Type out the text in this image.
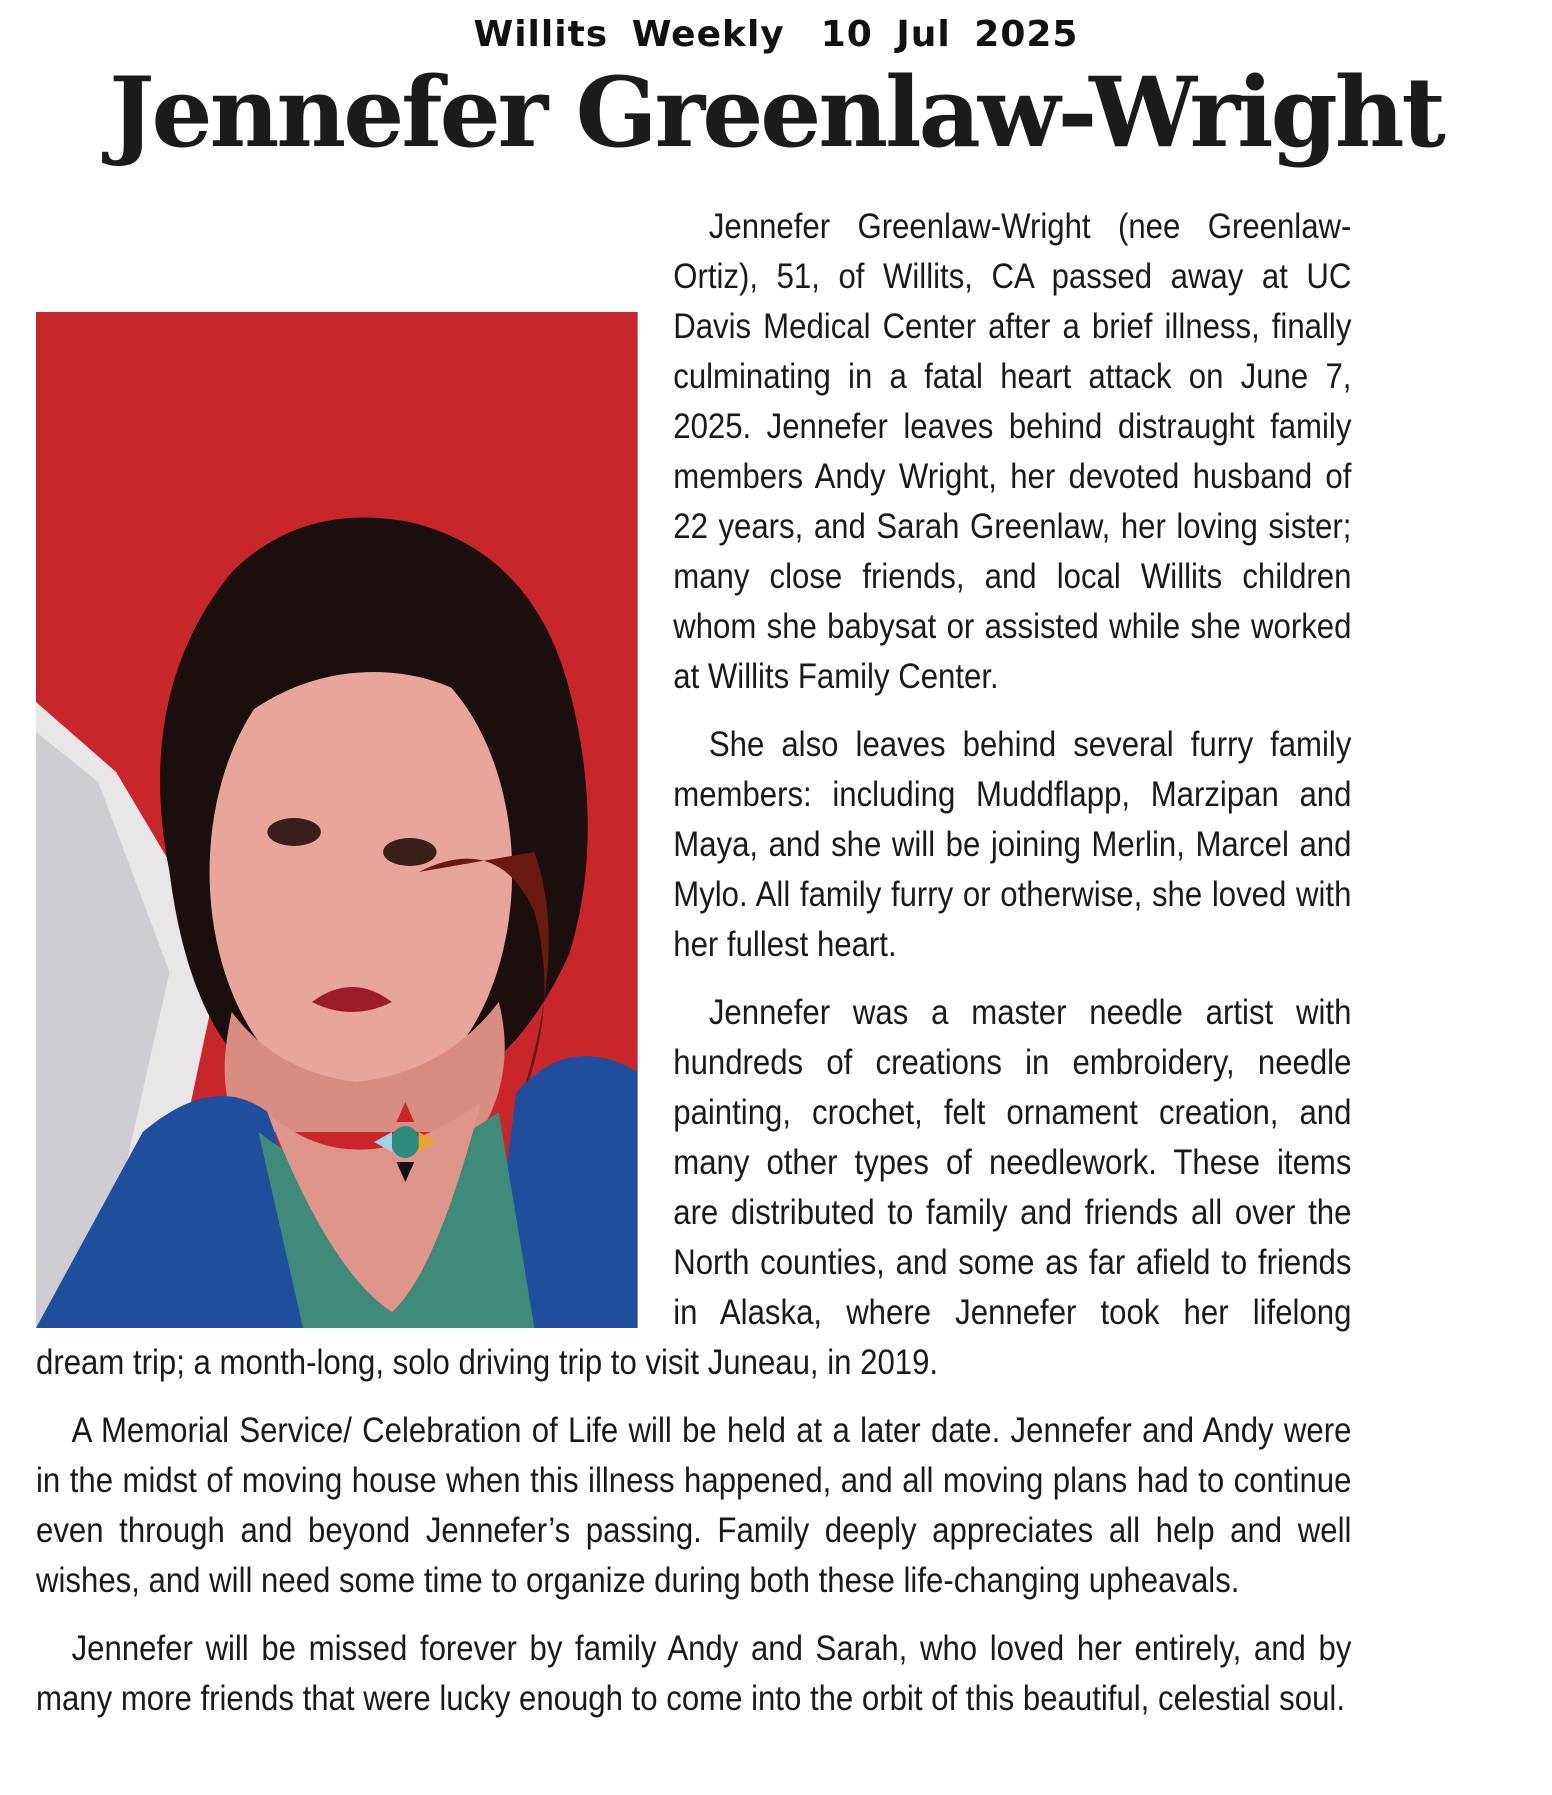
Willits Weekly 10 Jul 2025
Jennefer Greenlaw-Wright

Jennefer Greenlaw-Wright (nee Greenlaw-Ortiz), 51, of Willits, CA passed away at UC Davis Medical Center after a brief illness, finally culminating in a fatal heart attack on June 7, 2025. Jennefer leaves behind distraught family members Andy Wright, her devoted husband of 22 years, and Sarah Greenlaw, her loving sister; many close friends, and local Willits children whom she babysat or assisted while she worked at Willits Family Center.

She also leaves behind several furry family members: including Muddflapp, Marzipan and Maya, and she will be joining Merlin, Marcel and Mylo. All family furry or otherwise, she loved with her fullest heart.

Jennefer was a master needle artist with hundreds of creations in embroidery, needle painting, crochet, felt ornament creation, and many other types of needlework. These items are distributed to family and friends all over the North counties, and some as far afield to friends in Alaska, where Jennefer took her lifelong dream trip; a month-long, solo driving trip to visit Juneau, in 2019.

A Memorial Service/ Celebration of Life will be held at a later date. Jennefer and Andy were in the midst of moving house when this illness happened, and all moving plans had to continue even through and beyond Jennefer’s passing. Family deeply appreciates all help and well wishes, and will need some time to organize during both these life-changing upheavals.

Jennefer will be missed forever by family Andy and Sarah, who loved her entirely, and by many more friends that were lucky enough to come into the orbit of this beautiful, celestial soul.
